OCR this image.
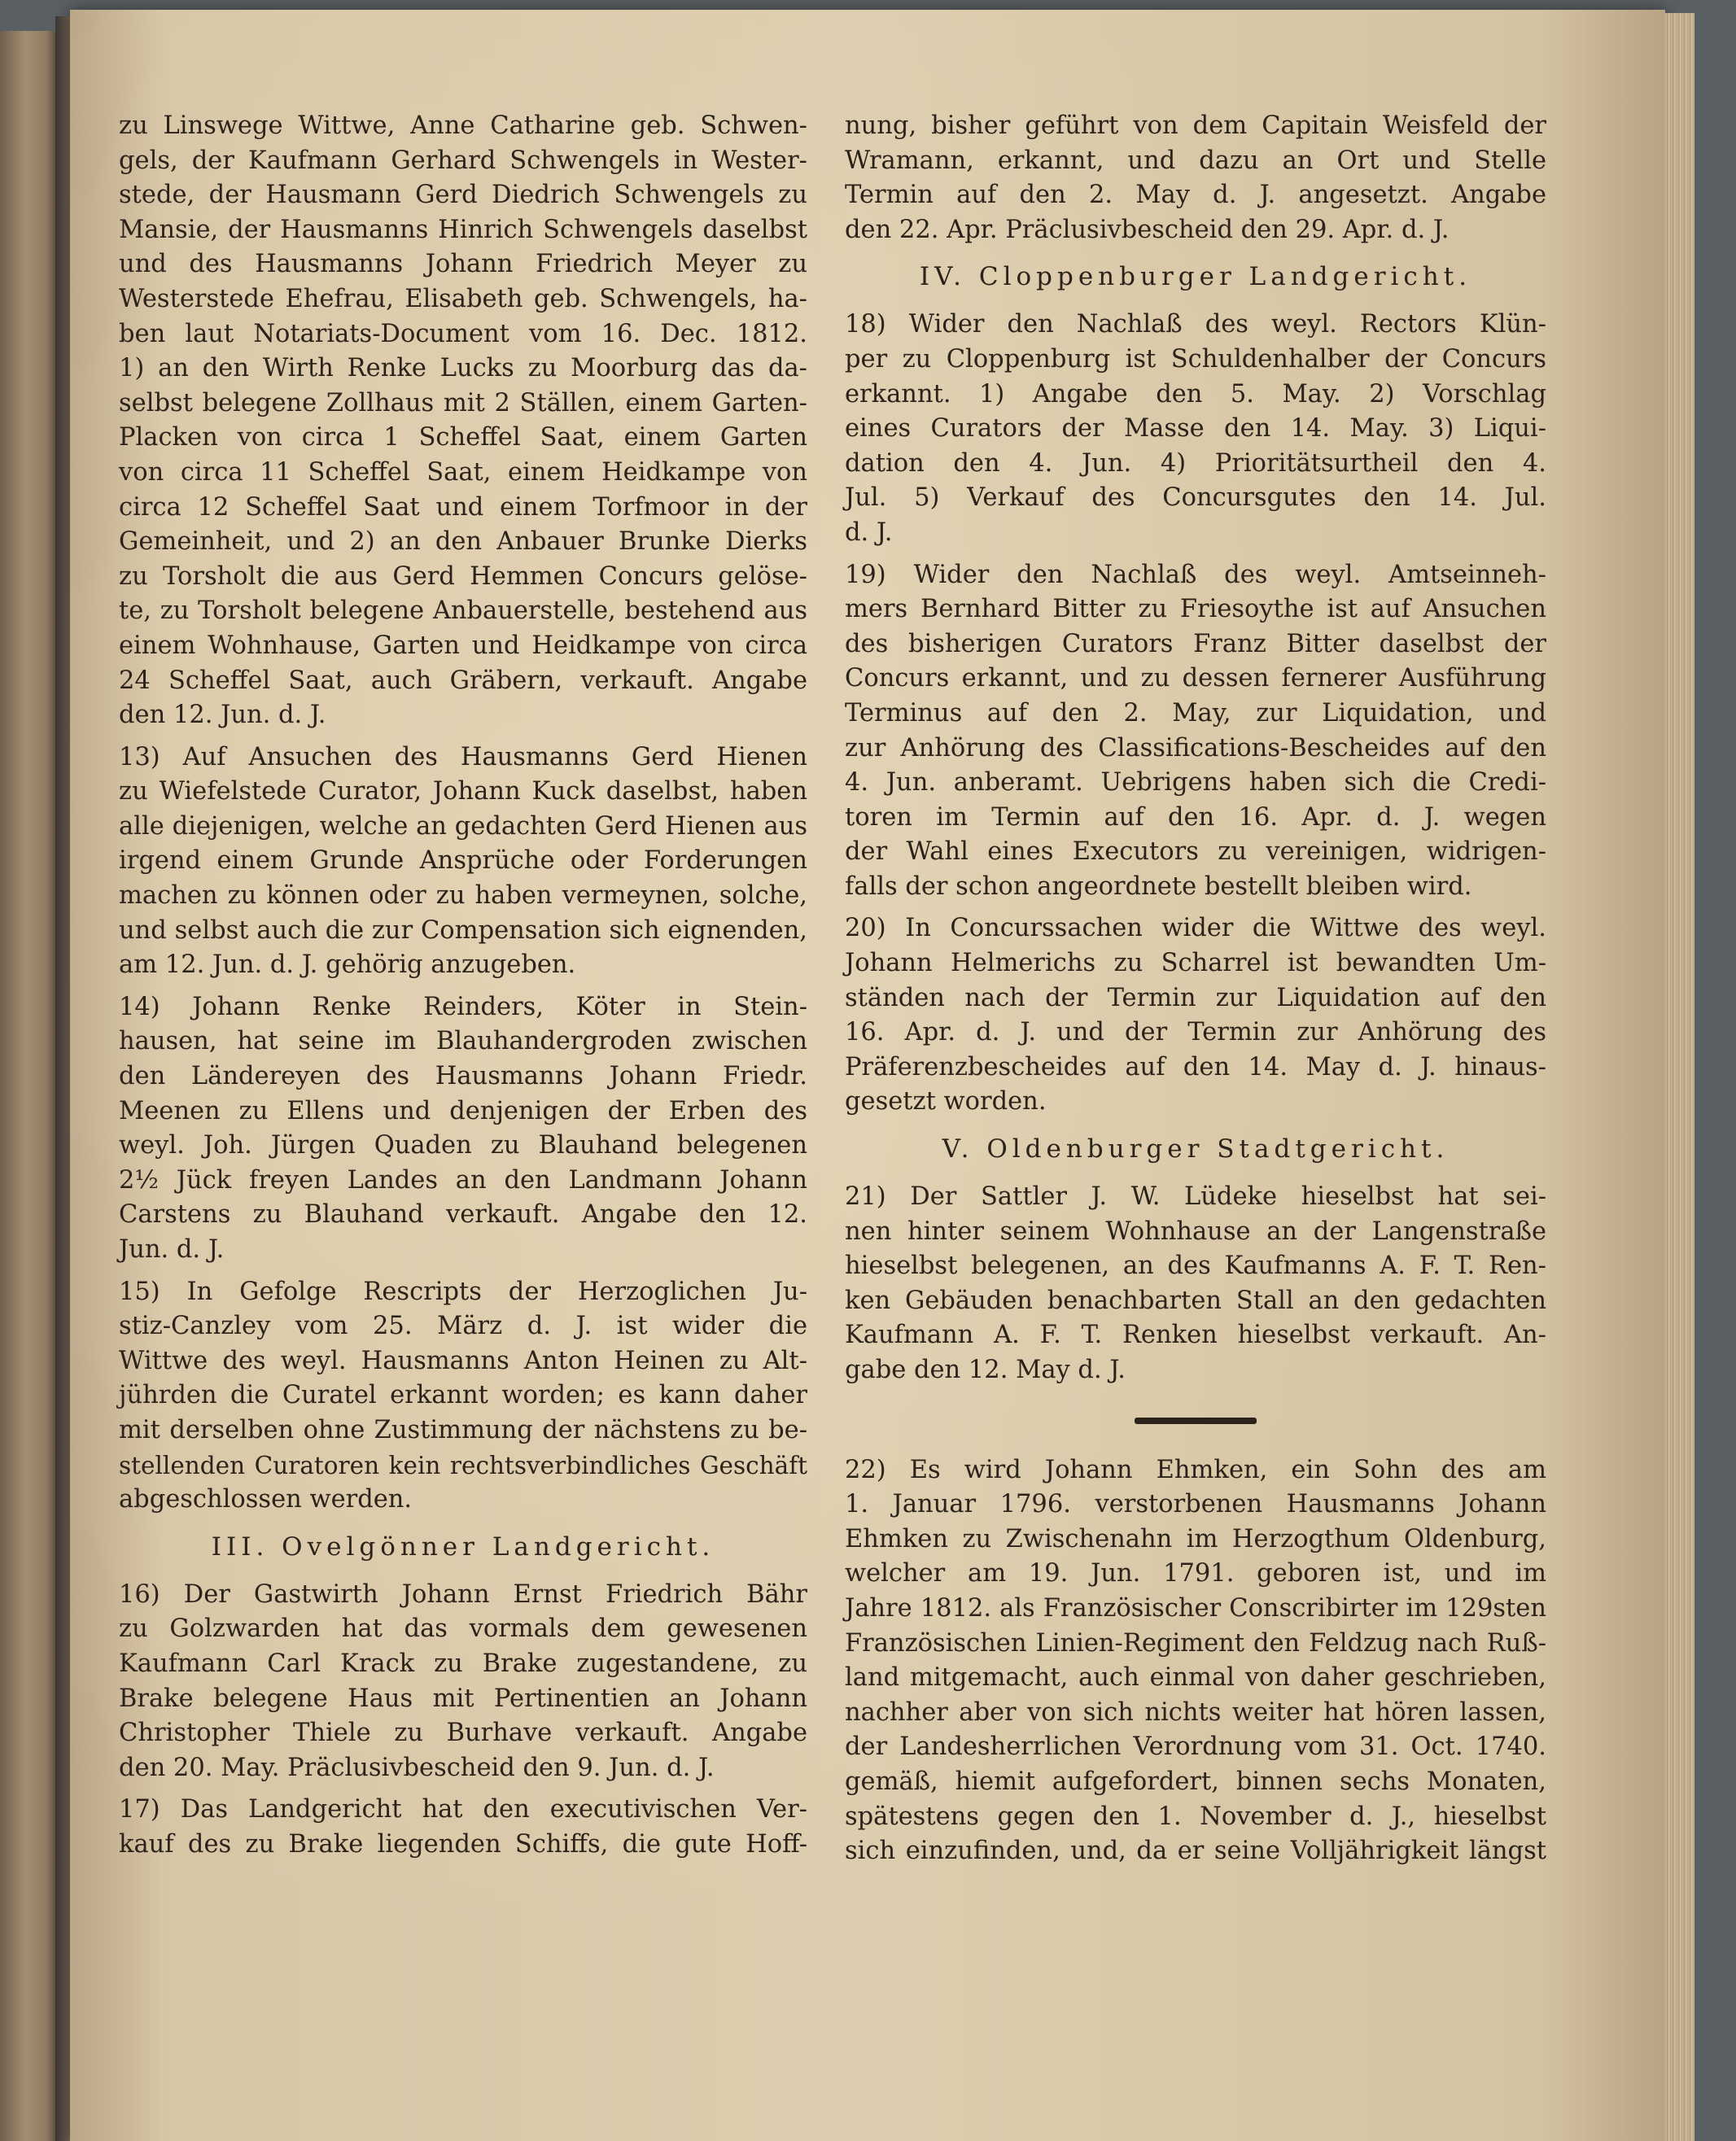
zu Linswege Wittwe, Anne Catharine geb. Schwen-
gels, der Kaufmann Gerhard Schwengels in Wester-
stede, der Hausmann Gerd Diedrich Schwengels zu
Mansie, der Hausmanns Hinrich Schwengels daselbst
und des Hausmanns Johann Friedrich Meyer zu
Westerstede Ehefrau, Elisabeth geb. Schwengels, ha-
ben laut Notariats-Document vom 16. Dec. 1812.
1) an den Wirth Renke Lucks zu Moorburg das da-
selbst belegene Zollhaus mit 2 Ställen, einem Garten-
Placken von circa 1 Scheffel Saat, einem Garten
von circa 11 Scheffel Saat, einem Heidkampe von
circa 12 Scheffel Saat und einem Torfmoor in der
Gemeinheit, und 2) an den Anbauer Brunke Dierks
zu Torsholt die aus Gerd Hemmen Concurs gelöse-
te, zu Torsholt belegene Anbauerstelle, bestehend aus
einem Wohnhause, Garten und Heidkampe von circa
24 Scheffel Saat, auch Gräbern, verkauft. Angabe
den 12. Jun. d. J.
13) Auf Ansuchen des Hausmanns Gerd Hienen
zu Wiefelstede Curator, Johann Kuck daselbst, haben
alle diejenigen, welche an gedachten Gerd Hienen aus
irgend einem Grunde Ansprüche oder Forderungen
machen zu können oder zu haben vermeynen, solche,
und selbst auch die zur Compensation sich eignenden,
am 12. Jun. d. J. gehörig anzugeben.
14) Johann Renke Reinders, Köter in Stein-
hausen, hat seine im Blauhandergroden zwischen
den Ländereyen des Hausmanns Johann Friedr.
Meenen zu Ellens und denjenigen der Erben des
weyl. Joh. Jürgen Quaden zu Blauhand belegenen
2½ Jück freyen Landes an den Landmann Johann
Carstens zu Blauhand verkauft. Angabe den 12.
Jun. d. J.
15) In Gefolge Rescripts der Herzoglichen Ju-
stiz-Canzley vom 25. März d. J. ist wider die
Wittwe des weyl. Hausmanns Anton Heinen zu Alt-
jührden die Curatel erkannt worden; es kann daher
mit derselben ohne Zustimmung der nächstens zu be-
stellenden Curatoren kein rechtsverbindliches Geschäft
abgeschlossen werden.
III. Ovelgönner Landgericht.
16) Der Gastwirth Johann Ernst Friedrich Bähr
zu Golzwarden hat das vormals dem gewesenen
Kaufmann Carl Krack zu Brake zugestandene, zu
Brake belegene Haus mit Pertinentien an Johann
Christopher Thiele zu Burhave verkauft. Angabe
den 20. May. Präclusivbescheid den 9. Jun. d. J.
17) Das Landgericht hat den executivischen Ver-
kauf des zu Brake liegenden Schiffs, die gute Hoff-
nung, bisher geführt von dem Capitain Weisfeld der
Wramann, erkannt, und dazu an Ort und Stelle
Termin auf den 2. May d. J. angesetzt. Angabe
den 22. Apr. Präclusivbescheid den 29. Apr. d. J.
IV. Cloppenburger Landgericht.
18) Wider den Nachlaß des weyl. Rectors Klün-
per zu Cloppenburg ist Schuldenhalber der Concurs
erkannt. 1) Angabe den 5. May. 2) Vorschlag
eines Curators der Masse den 14. May. 3) Liqui-
dation den 4. Jun. 4) Prioritätsurtheil den 4.
Jul. 5) Verkauf des Concursgutes den 14. Jul.
d. J.
19) Wider den Nachlaß des weyl. Amtseinneh-
mers Bernhard Bitter zu Friesoythe ist auf Ansuchen
des bisherigen Curators Franz Bitter daselbst der
Concurs erkannt, und zu dessen fernerer Ausführung
Terminus auf den 2. May, zur Liquidation, und
zur Anhörung des Classifications-Bescheides auf den
4. Jun. anberamt. Uebrigens haben sich die Credi-
toren im Termin auf den 16. Apr. d. J. wegen
der Wahl eines Executors zu vereinigen, widrigen-
falls der schon angeordnete bestellt bleiben wird.
20) In Concurssachen wider die Wittwe des weyl.
Johann Helmerichs zu Scharrel ist bewandten Um-
ständen nach der Termin zur Liquidation auf den
16. Apr. d. J. und der Termin zur Anhörung des
Präferenzbescheides auf den 14. May d. J. hinaus-
gesetzt worden.
V. Oldenburger Stadtgericht.
21) Der Sattler J. W. Lüdeke hieselbst hat sei-
nen hinter seinem Wohnhause an der Langenstraße
hieselbst belegenen, an des Kaufmanns A. F. T. Ren-
ken Gebäuden benachbarten Stall an den gedachten
Kaufmann A. F. T. Renken hieselbst verkauft. An-
gabe den 12. May d. J.
22) Es wird Johann Ehmken, ein Sohn des am
1. Januar 1796. verstorbenen Hausmanns Johann
Ehmken zu Zwischenahn im Herzogthum Oldenburg,
welcher am 19. Jun. 1791. geboren ist, und im
Jahre 1812. als Französischer Conscribirter im 129sten
Französischen Linien-Regiment den Feldzug nach Ruß-
land mitgemacht, auch einmal von daher geschrieben,
nachher aber von sich nichts weiter hat hören lassen,
der Landesherrlichen Verordnung vom 31. Oct. 1740.
gemäß, hiemit aufgefordert, binnen sechs Monaten,
spätestens gegen den 1. November d. J., hieselbst
sich einzufinden, und, da er seine Volljährigkeit längst
